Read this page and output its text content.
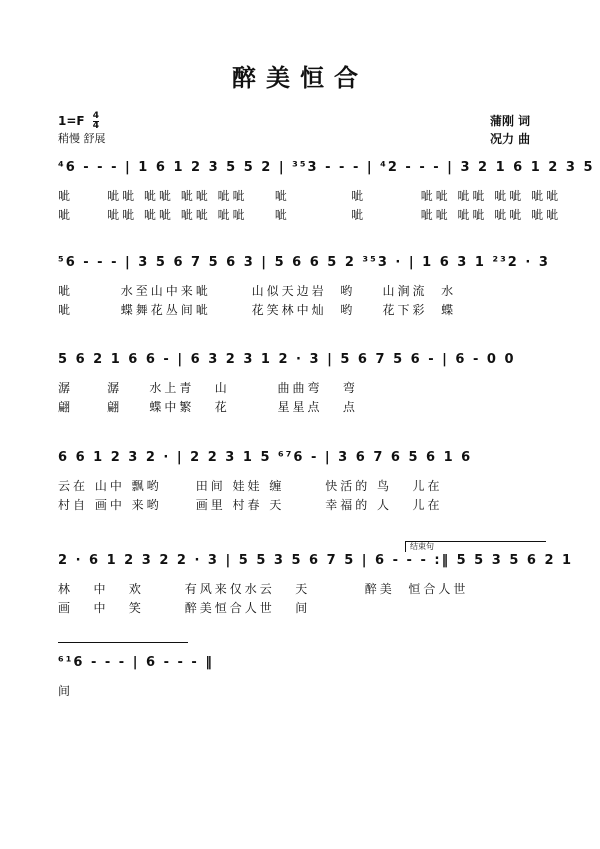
醉美恒合
$1=F \frac{4}{4}$
稍慢 舒展
蒲刚 词
况力 曲
⁴6 - - - | 1 6 1 2 3 5 5 2 | ³⁵3 - - - | ⁴2 - - - | 3 2 1 6 1 2 3 5
呲     呲呲 呲呲 呲呲 呲呲    呲         呲        呲呲 呲呲 呲呲 呲呲
呲     呲呲 呲呲 呲呲 呲呲    呲         呲        呲呲 呲呲 呲呲 呲呲
⁵6 - - - | 3 5 6 7 5 6 3 | 5 6 6 5 2 ³⁵3 · | 1 6 3 1 ²³2 · 3
呲       水至山中来呲      山似天边岩  哟    山涧流  水
呲       蝶舞花丛间呲      花笑林中灿  哟    花下彩  蝶
5 6 2 1 6 6 - | 6 3 2 3 1 2 · 3 | 5 6 7 5 6 - | 6 - 0 0
潺     潺    水上青   山       曲曲弯   弯
翩     翩    蝶中繁   花       星星点   点
6 6 1 2 3 2 · | 2 2 3 1 5 ⁶⁷6 - | 3 6 7 6 5 6 1 6
云在 山中 飘哟     田间 娃娃 缠      快活的 鸟   儿在
村自 画中 来哟     画里 村春 天      幸福的 人   儿在
结束句
2 · 6 1 2 3 2 2 · 3 | 5 5 3 5 6 7 5 | 6 - - - :‖ 5 5 3 5 6 2 1
林   中   欢      有风来仅水云   天        醉美  恒合人世
画   中   笑      醉美恒合人世   间
⁶¹6 - - - | 6 - - - ‖
间
